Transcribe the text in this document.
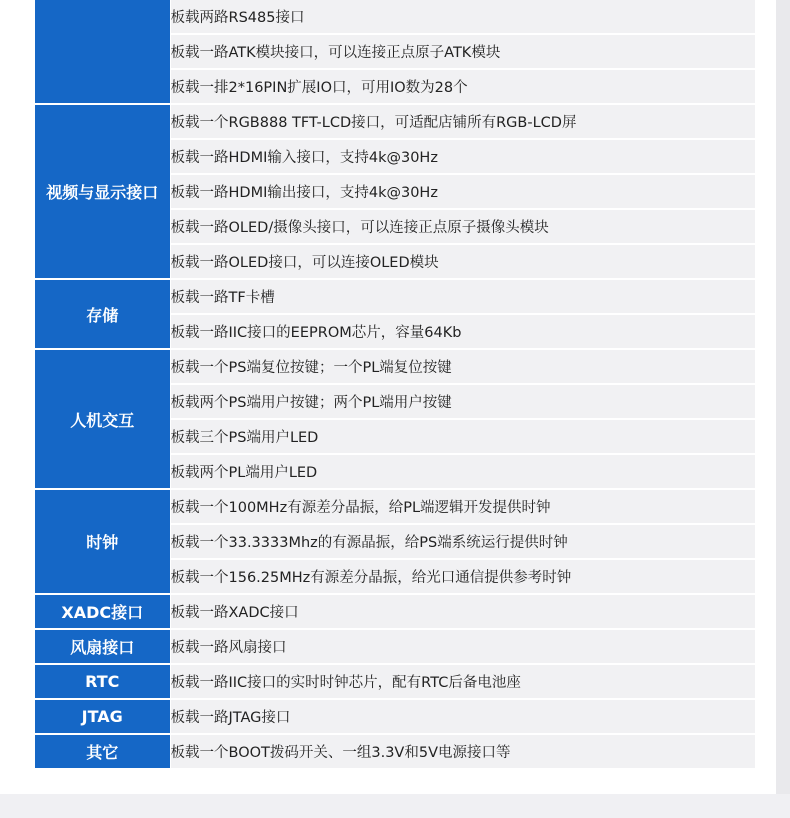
	板载两路RS485接口
	板载一路ATK模块接口，可以连接正点原子ATK模块
	板载一排2*16PIN扩展IO口，可用IO数为28个
视频与显示接口	板载一个RGB888 TFT-LCD接口，可适配店铺所有RGB-LCD屏
	板载一路HDMI输入接口，支持4k@30Hz
	板载一路HDMI输出接口，支持4k@30Hz
	板载一路OLED/摄像头接口，可以连接正点原子摄像头模块
	板载一路OLED接口，可以连接OLED模块
存储	板载一路TF卡槽
	板载一路IIC接口的EEPROM芯片，容量64Kb
人机交互	板载一个PS端复位按键；一个PL端复位按键
	板载两个PS端用户按键；两个PL端用户按键
	板载三个PS端用户LED
	板载两个PL端用户LED
时钟	板载一个100MHz有源差分晶振，给PL端逻辑开发提供时钟
	板载一个33.3333Mhz的有源晶振，给PS端系统运行提供时钟
	板载一个156.25MHz有源差分晶振，给光口通信提供参考时钟
XADC接口	板载一路XADC接口
风扇接口	板载一路风扇接口
RTC	板载一路IIC接口的实时时钟芯片，配有RTC后备电池座
JTAG	板载一路JTAG接口
其它	板载一个BOOT拨码开关、一组3.3V和5V电源接口等
